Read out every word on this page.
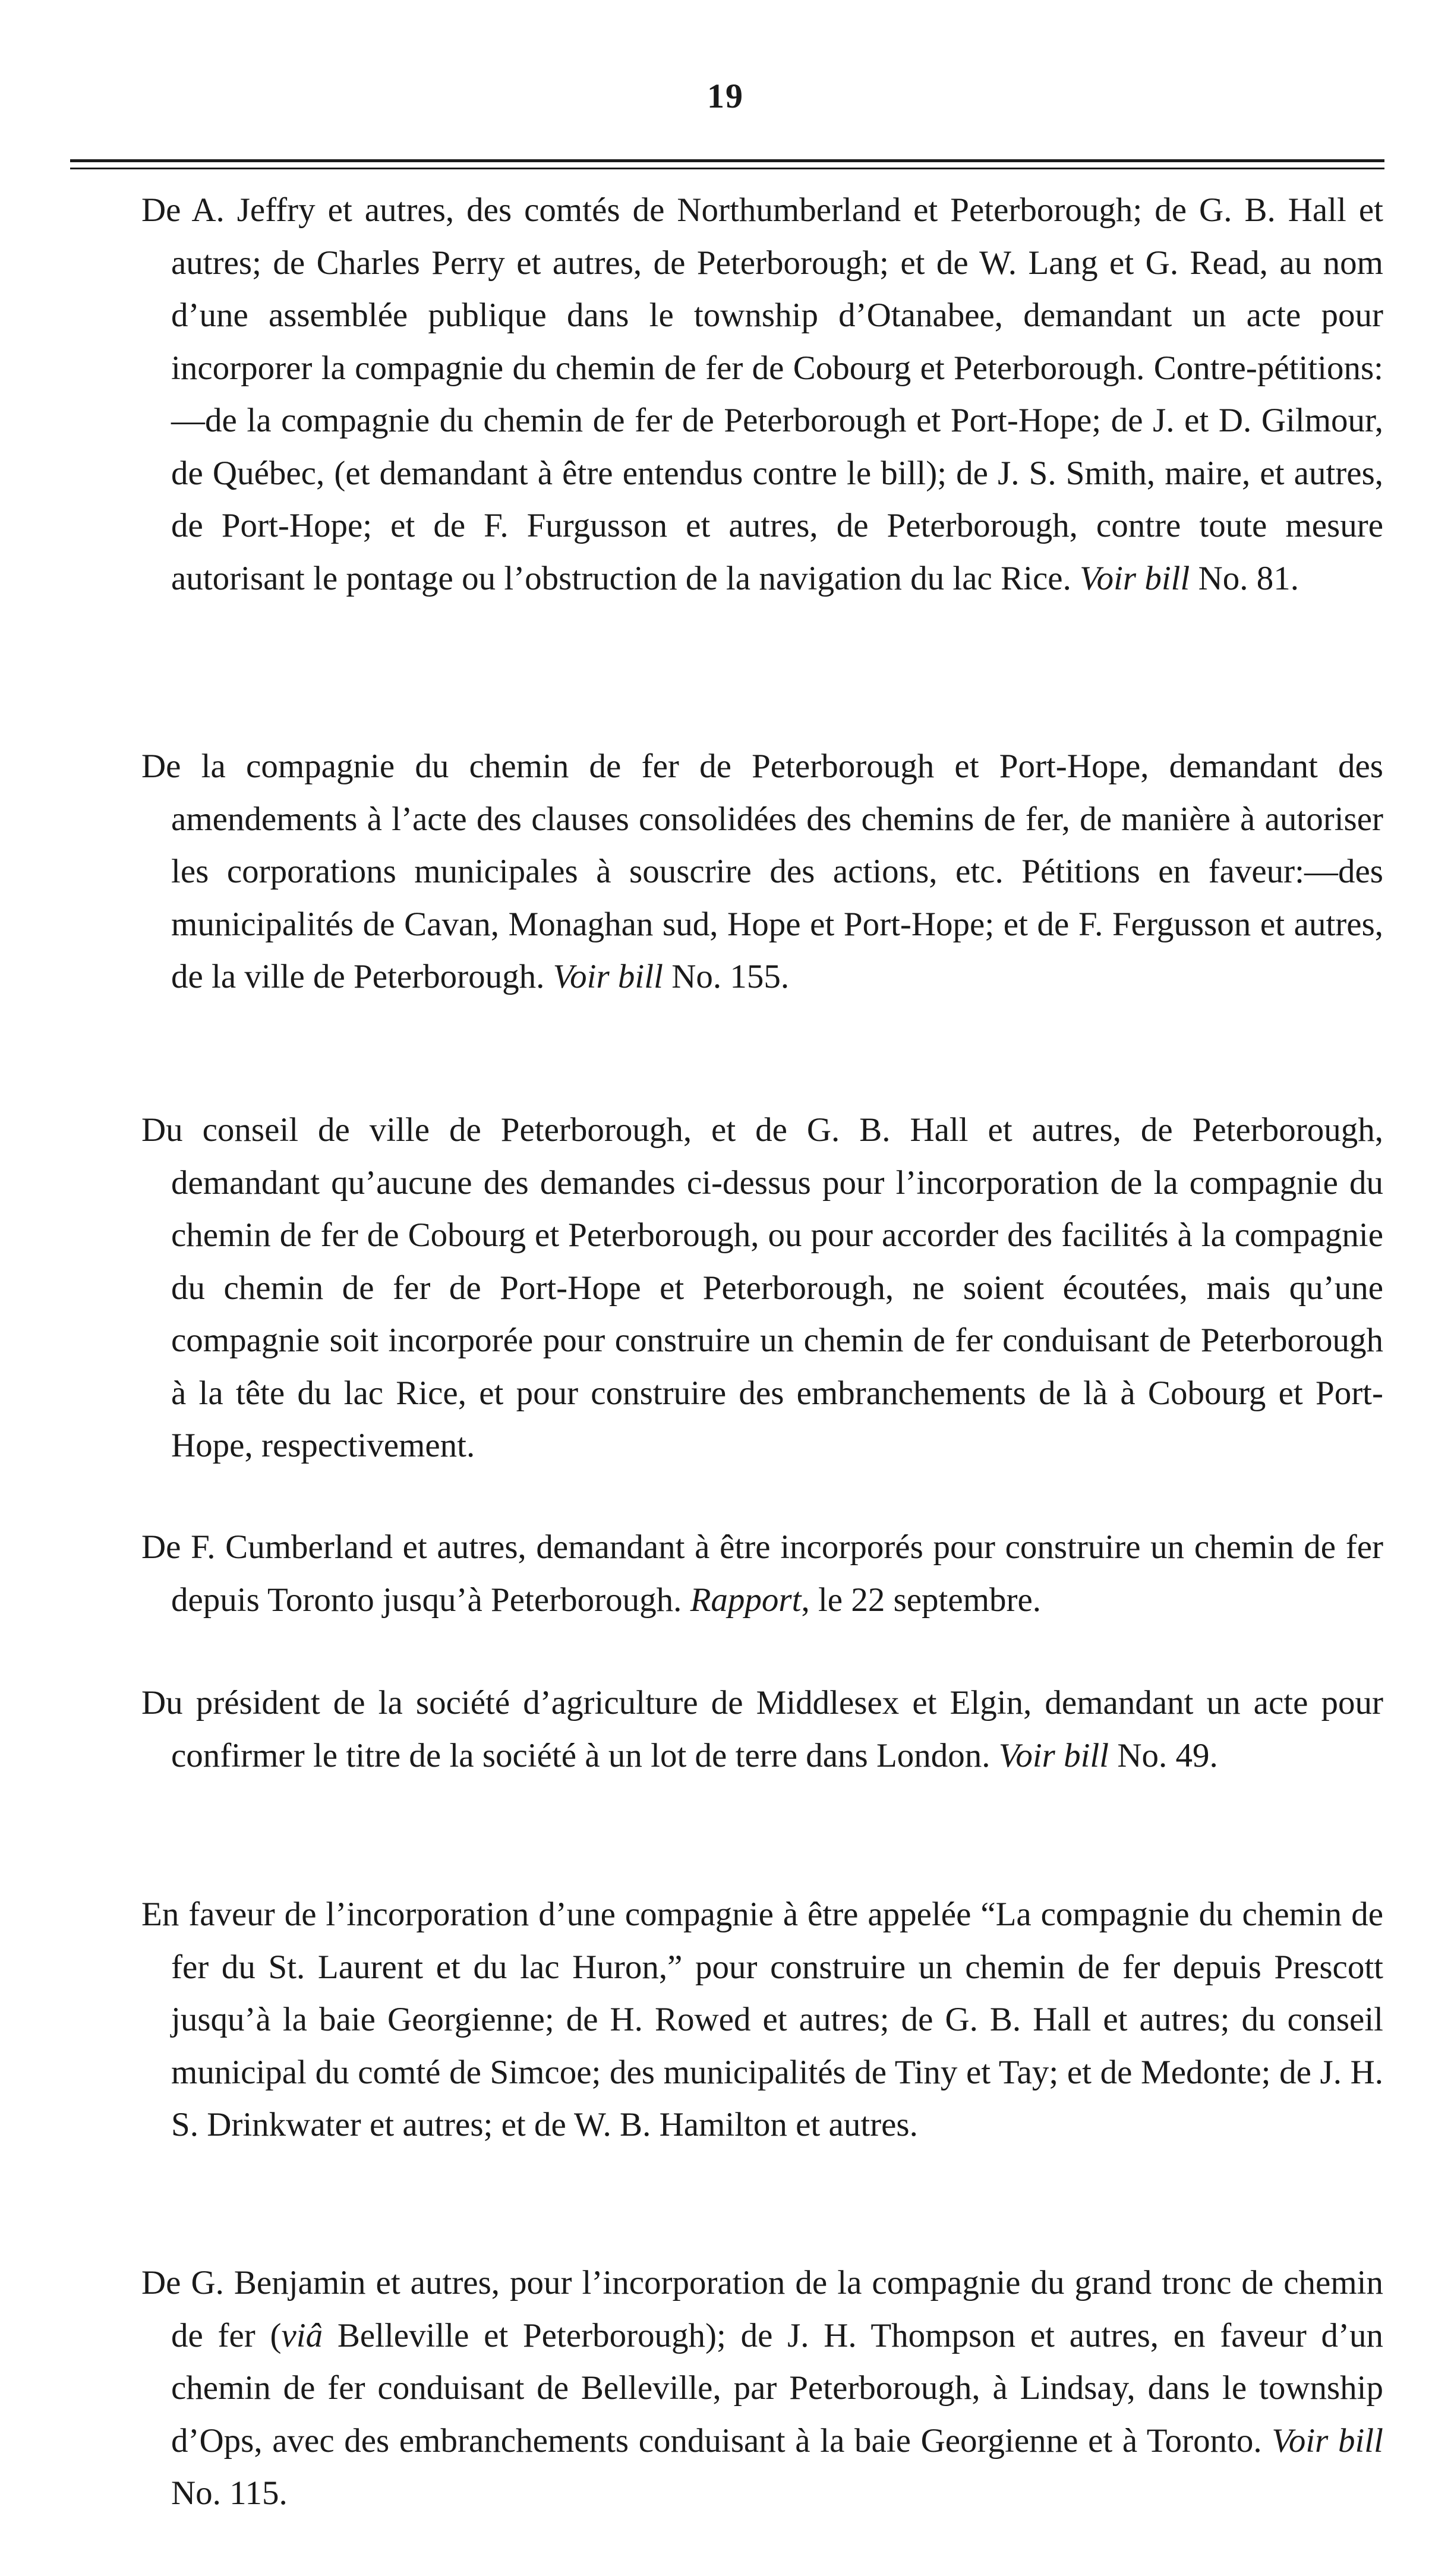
19

De A. Jeffry et autres, des comtés de Northumberland et Peterborough; de G. B. Hall et autres; de Charles Perry et autres, de Peterborough; et de W. Lang et G. Read, au nom d’une assemblée publique dans le township d’Otanabee, demandant un acte pour incorporer la compagnie du chemin de fer de Cobourg et Peterborough. Contre-pétitions:—de la compagnie du chemin de fer de Peterborough et Port-Hope; de J. et D. Gilmour, de Québec, (et demandant à être entendus contre le bill); de J. S. Smith, maire, et autres, de Port-Hope; et de F. Furgusson et autres, de Peterborough, contre toute mesure autorisant le pontage ou l’obstruction de la navigation du lac Rice. Voir bill No. 81.

De la compagnie du chemin de fer de Peterborough et Port-Hope, demandant des amendements à l’acte des clauses consolidées des chemins de fer, de manière à autoriser les corporations municipales à souscrire des actions, etc. Pétitions en faveur:—des municipalités de Cavan, Monaghan sud, Hope et Port-Hope; et de F. Fergusson et autres, de la ville de Peterborough. Voir bill No. 155.

Du conseil de ville de Peterborough, et de G. B. Hall et autres, de Peterborough, demandant qu’aucune des demandes ci-dessus pour l’incorporation de la compagnie du chemin de fer de Cobourg et Peterborough, ou pour accorder des facilités à la compagnie du chemin de fer de Port-Hope et Peterborough, ne soient écoutées, mais qu’une compagnie soit incorporée pour construire un chemin de fer conduisant de Peterborough à la tête du lac Rice, et pour construire des embranchements de là à Cobourg et Port-Hope, respectivement.

De F. Cumberland et autres, demandant à être incorporés pour construire un chemin de fer depuis Toronto jusqu’à Peterborough. Rapport, le 22 septembre.

Du président de la société d’agriculture de Middlesex et Elgin, demandant un acte pour confirmer le titre de la société à un lot de terre dans London. Voir bill No. 49.

En faveur de l’incorporation d’une compagnie à être appelée “La compagnie du chemin de fer du St. Laurent et du lac Huron,” pour construire un chemin de fer depuis Prescott jusqu’à la baie Georgienne; de H. Rowed et autres; de G. B. Hall et autres; du conseil municipal du comté de Simcoe; des municipalités de Tiny et Tay; et de Medonte; de J. H. S. Drinkwater et autres; et de W. B. Hamilton et autres.

De G. Benjamin et autres, pour l’incorporation de la compagnie du grand tronc de chemin de fer (viâ Belleville et Peterborough); de J. H. Thompson et autres, en faveur d’un chemin de fer conduisant de Belleville, par Peterborough, à Lindsay, dans le township d’Ops, avec des embranchements conduisant à la baie Georgienne et à Toronto. Voir bill No. 115.
